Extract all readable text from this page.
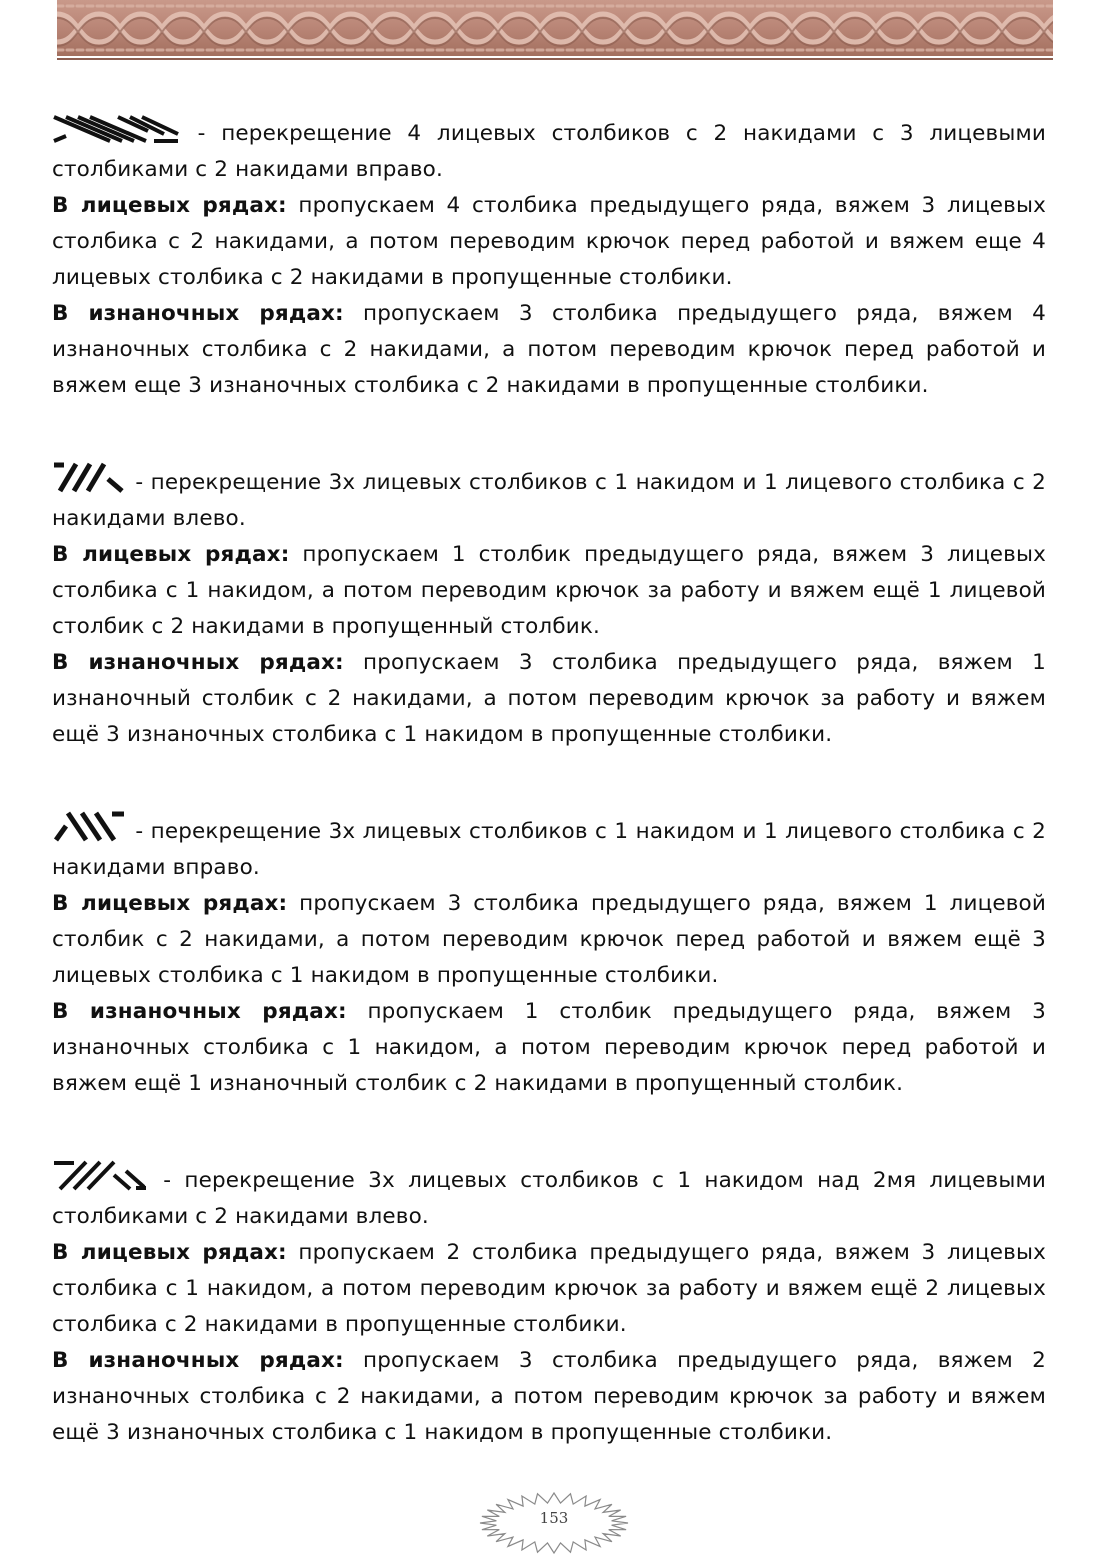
- перекрещение 4 лицевых столбиков с 2 накидами с 3 лицевыми столбиками с 2 накидами вправо.

В лицевых рядах: пропускаем 4 столбика предыдущего ряда, вяжем 3 лицевых столбика с 2 накидами, а потом переводим крючок перед работой и вяжем еще 4 лицевых столбика с 2 накидами в пропущенные столбики.

В изнаночных рядах: пропускаем 3 столбика предыдущего ряда, вяжем 4 изнаночных столбика с 2 накидами, а потом переводим крючок перед работой и вяжем еще 3 изнаночных столбика с 2 накидами в пропущенные столбики.

- перекрещение 3х лицевых столбиков с 1 накидом и 1 лицевого столбика с 2 накидами влево.

В лицевых рядах: пропускаем 1 столбик предыдущего ряда, вяжем 3 лицевых столбика с 1 накидом, а потом переводим крючок за работу и вяжем ещё 1 лицевой столбик с 2 накидами в пропущенный столбик.

В изнаночных рядах: пропускаем 3 столбика предыдущего ряда, вяжем 1 изнаночный столбик с 2 накидами, а потом переводим крючок за работу и вяжем ещё 3 изнаночных столбика с 1 накидом в пропущенные столбики.

- перекрещение 3х лицевых столбиков с 1 накидом и 1 лицевого столбика с 2 накидами вправо.

В лицевых рядах: пропускаем 3 столбика предыдущего ряда, вяжем 1 лицевой столбик с 2 накидами, а потом переводим крючок перед работой и вяжем ещё 3 лицевых столбика с 1 накидом в пропущенные столбики.

В изнаночных рядах: пропускаем 1 столбик предыдущего ряда, вяжем 3 изнаночных столбика с 1 накидом, а потом переводим крючок перед работой и вяжем ещё 1 изнаночный столбик с 2 накидами в пропущенный столбик.

- перекрещение 3х лицевых столбиков с 1 накидом над 2мя лицевыми столбиками с 2 накидами влево.

В лицевых рядах: пропускаем 2 столбика предыдущего ряда, вяжем 3 лицевых столбика с 1 накидом, а потом переводим крючок за работу и вяжем ещё 2 лицевых столбика с 2 накидами в пропущенные столбики.

В изнаночных рядах: пропускаем 3 столбика предыдущего ряда, вяжем 2 изнаночных столбика с 2 накидами, а потом переводим крючок за работу и вяжем ещё 3 изнаночных столбика с 1 накидом в пропущенные столбики.

153
